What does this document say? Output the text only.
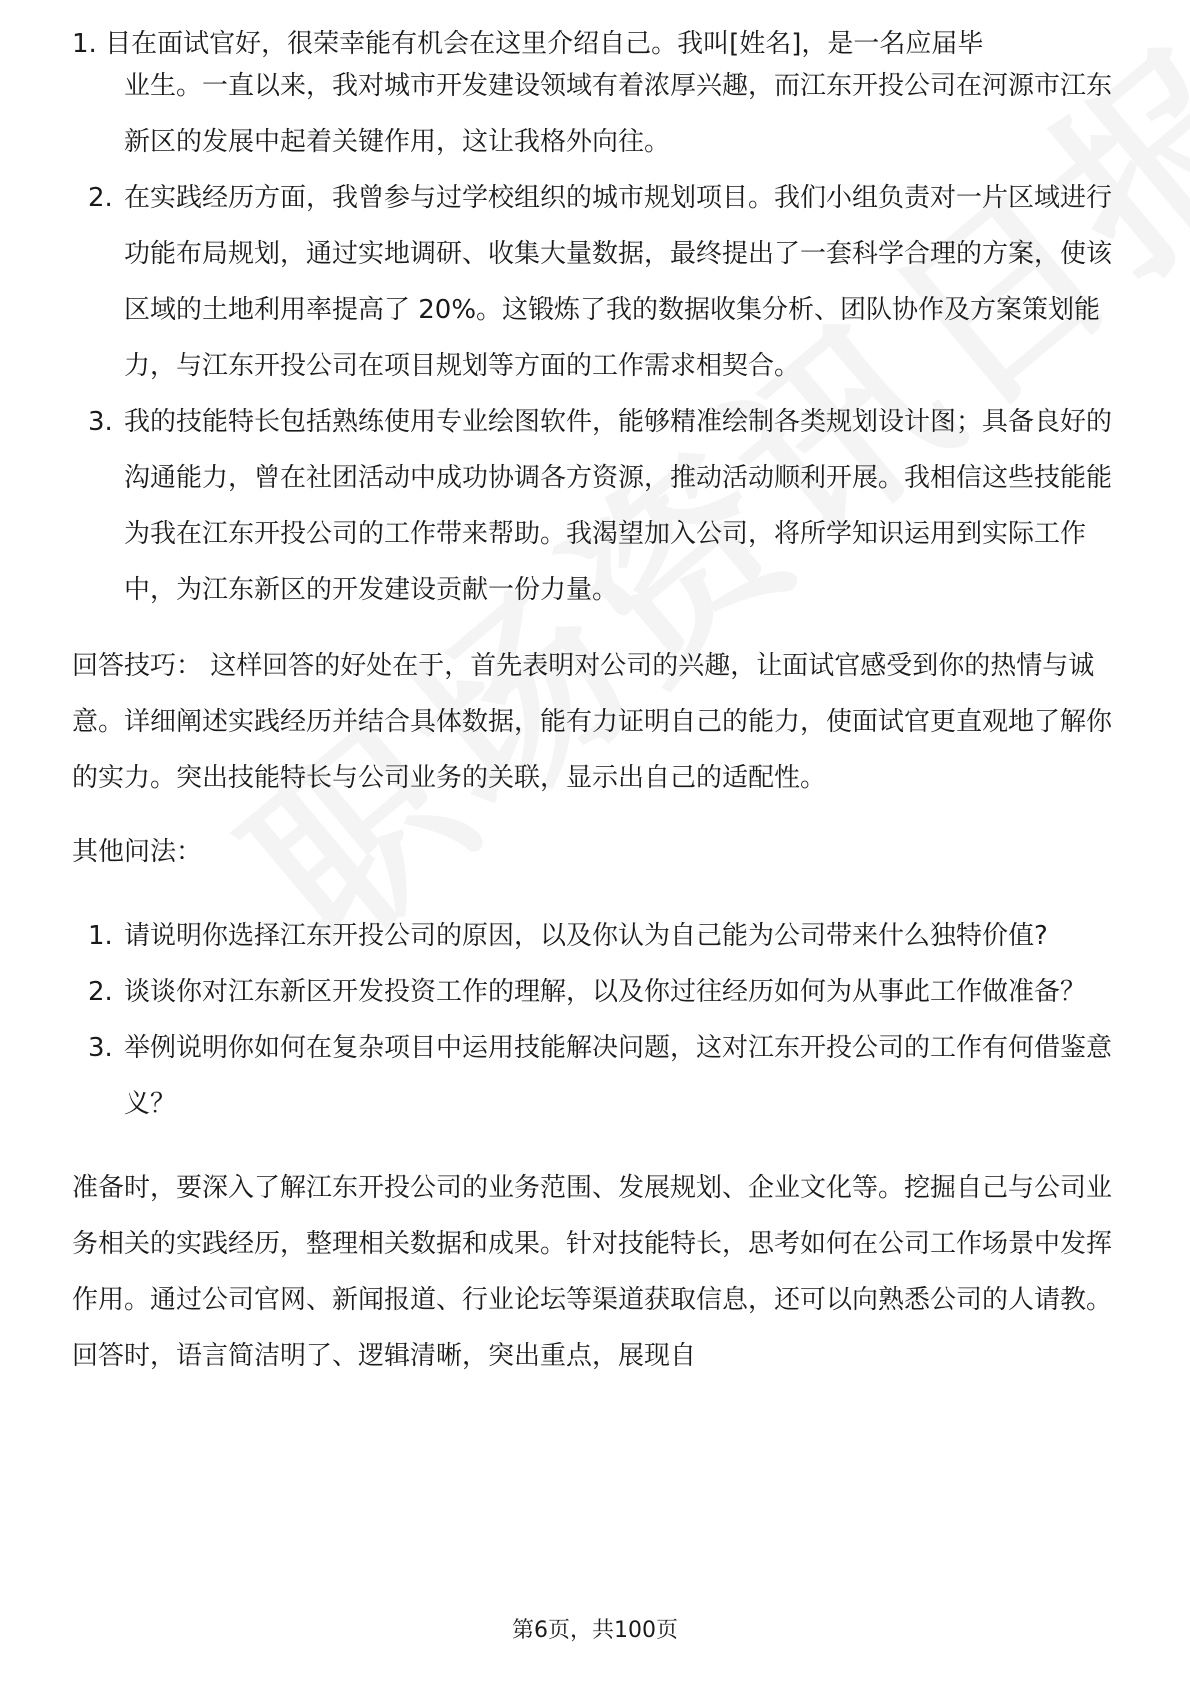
1. 目在面试官好，很荣幸能有机会在这里介绍自己。我叫[姓名]，是一名应届毕
业生。一直以来，我对城市开发建设领域有着浓厚兴趣，而江东开投公司在河源市江东新区的发展中起着关键作用，这让我格外向往。
2. 在实践经历方面，我曾参与过学校组织的城市规划项目。我们小组负责对一片区域进行功能布局规划，通过实地调研、收集大量数据，最终提出了一套科学合理的方案，使该区域的土地利用率提高了 20%。这锻炼了我的数据收集分析、团队协作及方案策划能力，与江东开投公司在项目规划等方面的工作需求相契合。
3. 我的技能特长包括熟练使用专业绘图软件，能够精准绘制各类规划设计图；具备良好的沟通能力，曾在社团活动中成功协调各方资源，推动活动顺利开展。我相信这些技能能为我在江东开投公司的工作带来帮助。我渴望加入公司，将所学知识运用到实际工作中，为江东新区的开发建设贡献一份力量。

回答技巧： 这样回答的好处在于，首先表明对公司的兴趣，让面试官感受到你的热情与诚意。详细阐述实践经历并结合具体数据，能有力证明自己的能力，使面试官更直观地了解你的实力。突出技能特长与公司业务的关联，显示出自己的适配性。

其他问法：

1. 请说明你选择江东开投公司的原因，以及你认为自己能为公司带来什么独特价值?
2. 谈谈你对江东新区开发投资工作的理解，以及你过往经历如何为从事此工作做准备？
3. 举例说明你如何在复杂项目中运用技能解决问题，这对江东开投公司的工作有何借鉴意义？

准备时，要深入了解江东开投公司的业务范围、发展规划、企业文化等。挖掘自己与公司业务相关的实践经历，整理相关数据和成果。针对技能特长，思考如何在公司工作场景中发挥作用。通过公司官网、新闻报道、行业论坛等渠道获取信息，还可以向熟悉公司的人请教。回答时，语言简洁明了、逻辑清晰，突出重点，展现自

第6页，共100页
